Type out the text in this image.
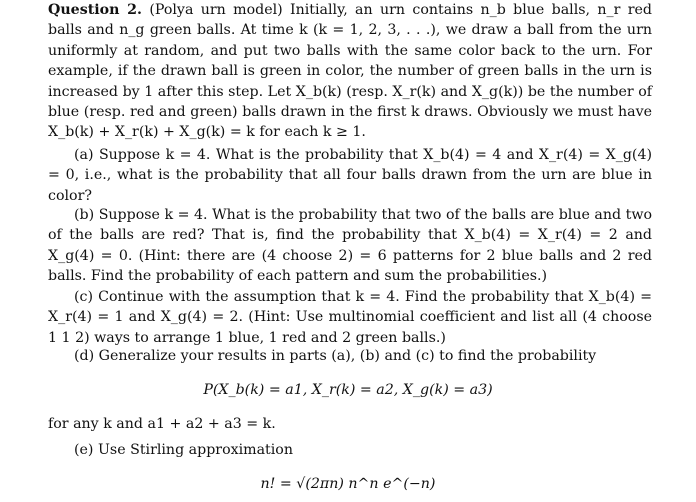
Question 2. (Polya urn model) Initially, an urn contains n_b blue balls, n_r red balls and n_g green balls. At time k (k = 1, 2, 3, . . .), we draw a ball from the urn uniformly at random, and put two balls with the same color back to the urn. For example, if the drawn ball is green in color, the number of green balls in the urn is increased by 1 after this step. Let X_b(k) (resp. X_r(k) and X_g(k)) be the number of blue (resp. red and green) balls drawn in the first k draws. Obviously we must have X_b(k) + X_r(k) + X_g(k) = k for each k ≥ 1.

(a) Suppose k = 4. What is the probability that X_b(4) = 4 and X_r(4) = X_g(4) = 0, i.e., what is the probability that all four balls drawn from the urn are blue in color?

(b) Suppose k = 4. What is the probability that two of the balls are blue and two of the balls are red? That is, find the probability that X_b(4) = X_r(4) = 2 and X_g(4) = 0. (Hint: there are (4 choose 2) = 6 patterns for 2 blue balls and 2 red balls. Find the probability of each pattern and sum the probabilities.)

(c) Continue with the assumption that k = 4. Find the probability that X_b(4) = X_r(4) = 1 and X_g(4) = 2. (Hint: Use multinomial coefficient and list all (4 choose 1 1 2) ways to arrange 1 blue, 1 red and 2 green balls.)

(d) Generalize your results in parts (a), (b) and (c) to find the probability

P(X_b(k) = a1, X_r(k) = a2, X_g(k) = a3)

for any k and a1 + a2 + a3 = k.

(e) Use Stirling approximation

n! = √(2πn) n^n e^(−n)
